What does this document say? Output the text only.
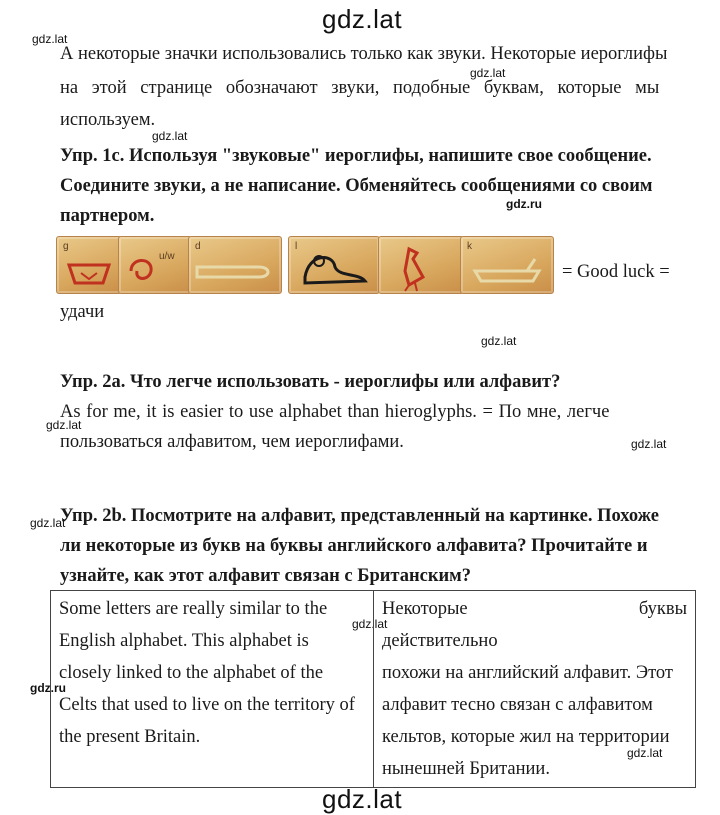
gdz.lat
gdz.lat
gdz.lat
gdz.lat
gdz.ru
gdz.lat
gdz.lat
gdz.lat
gdz.lat
gdz.lat
gdz.ru
gdz.lat
gdz.lat
А некоторые значки использовались только как звуки. Некоторые иероглифы
на этой странице обозначают звуки, подобные буквам, которые мы
используем.
Упр. 1c. Используя "звуковые" иероглифы, напишите свое сообщение.
Соедините звуки, а не написание. Обменяйтесь сообщениями со своим
партнером.
g
u/w
d	l	k
= Good luck =
удачи
Упр. 2a. Что легче использовать - иероглифы или алфавит?
As for me, it is easier to use alphabet than hieroglyphs. = По мне, легче
пользоваться алфавитом, чем иероглифами.
Упр. 2b. Посмотрите на алфавит, представленный на картинке. Похоже
ли некоторые из букв на буквы английского алфавита? Прочитайте и
узнайте, как этот алфавит связан с Британским?
Some letters are really similar to the
English alphabet. This alphabet is
closely linked to the alphabet of the
Celts that used to live on the territory of
the present Britain.

Некоторые буквы действительно
похожи на английский алфавит. Этот
алфавит тесно связан с алфавитом
кельтов, которые жил на территории
нынешней Британии.
